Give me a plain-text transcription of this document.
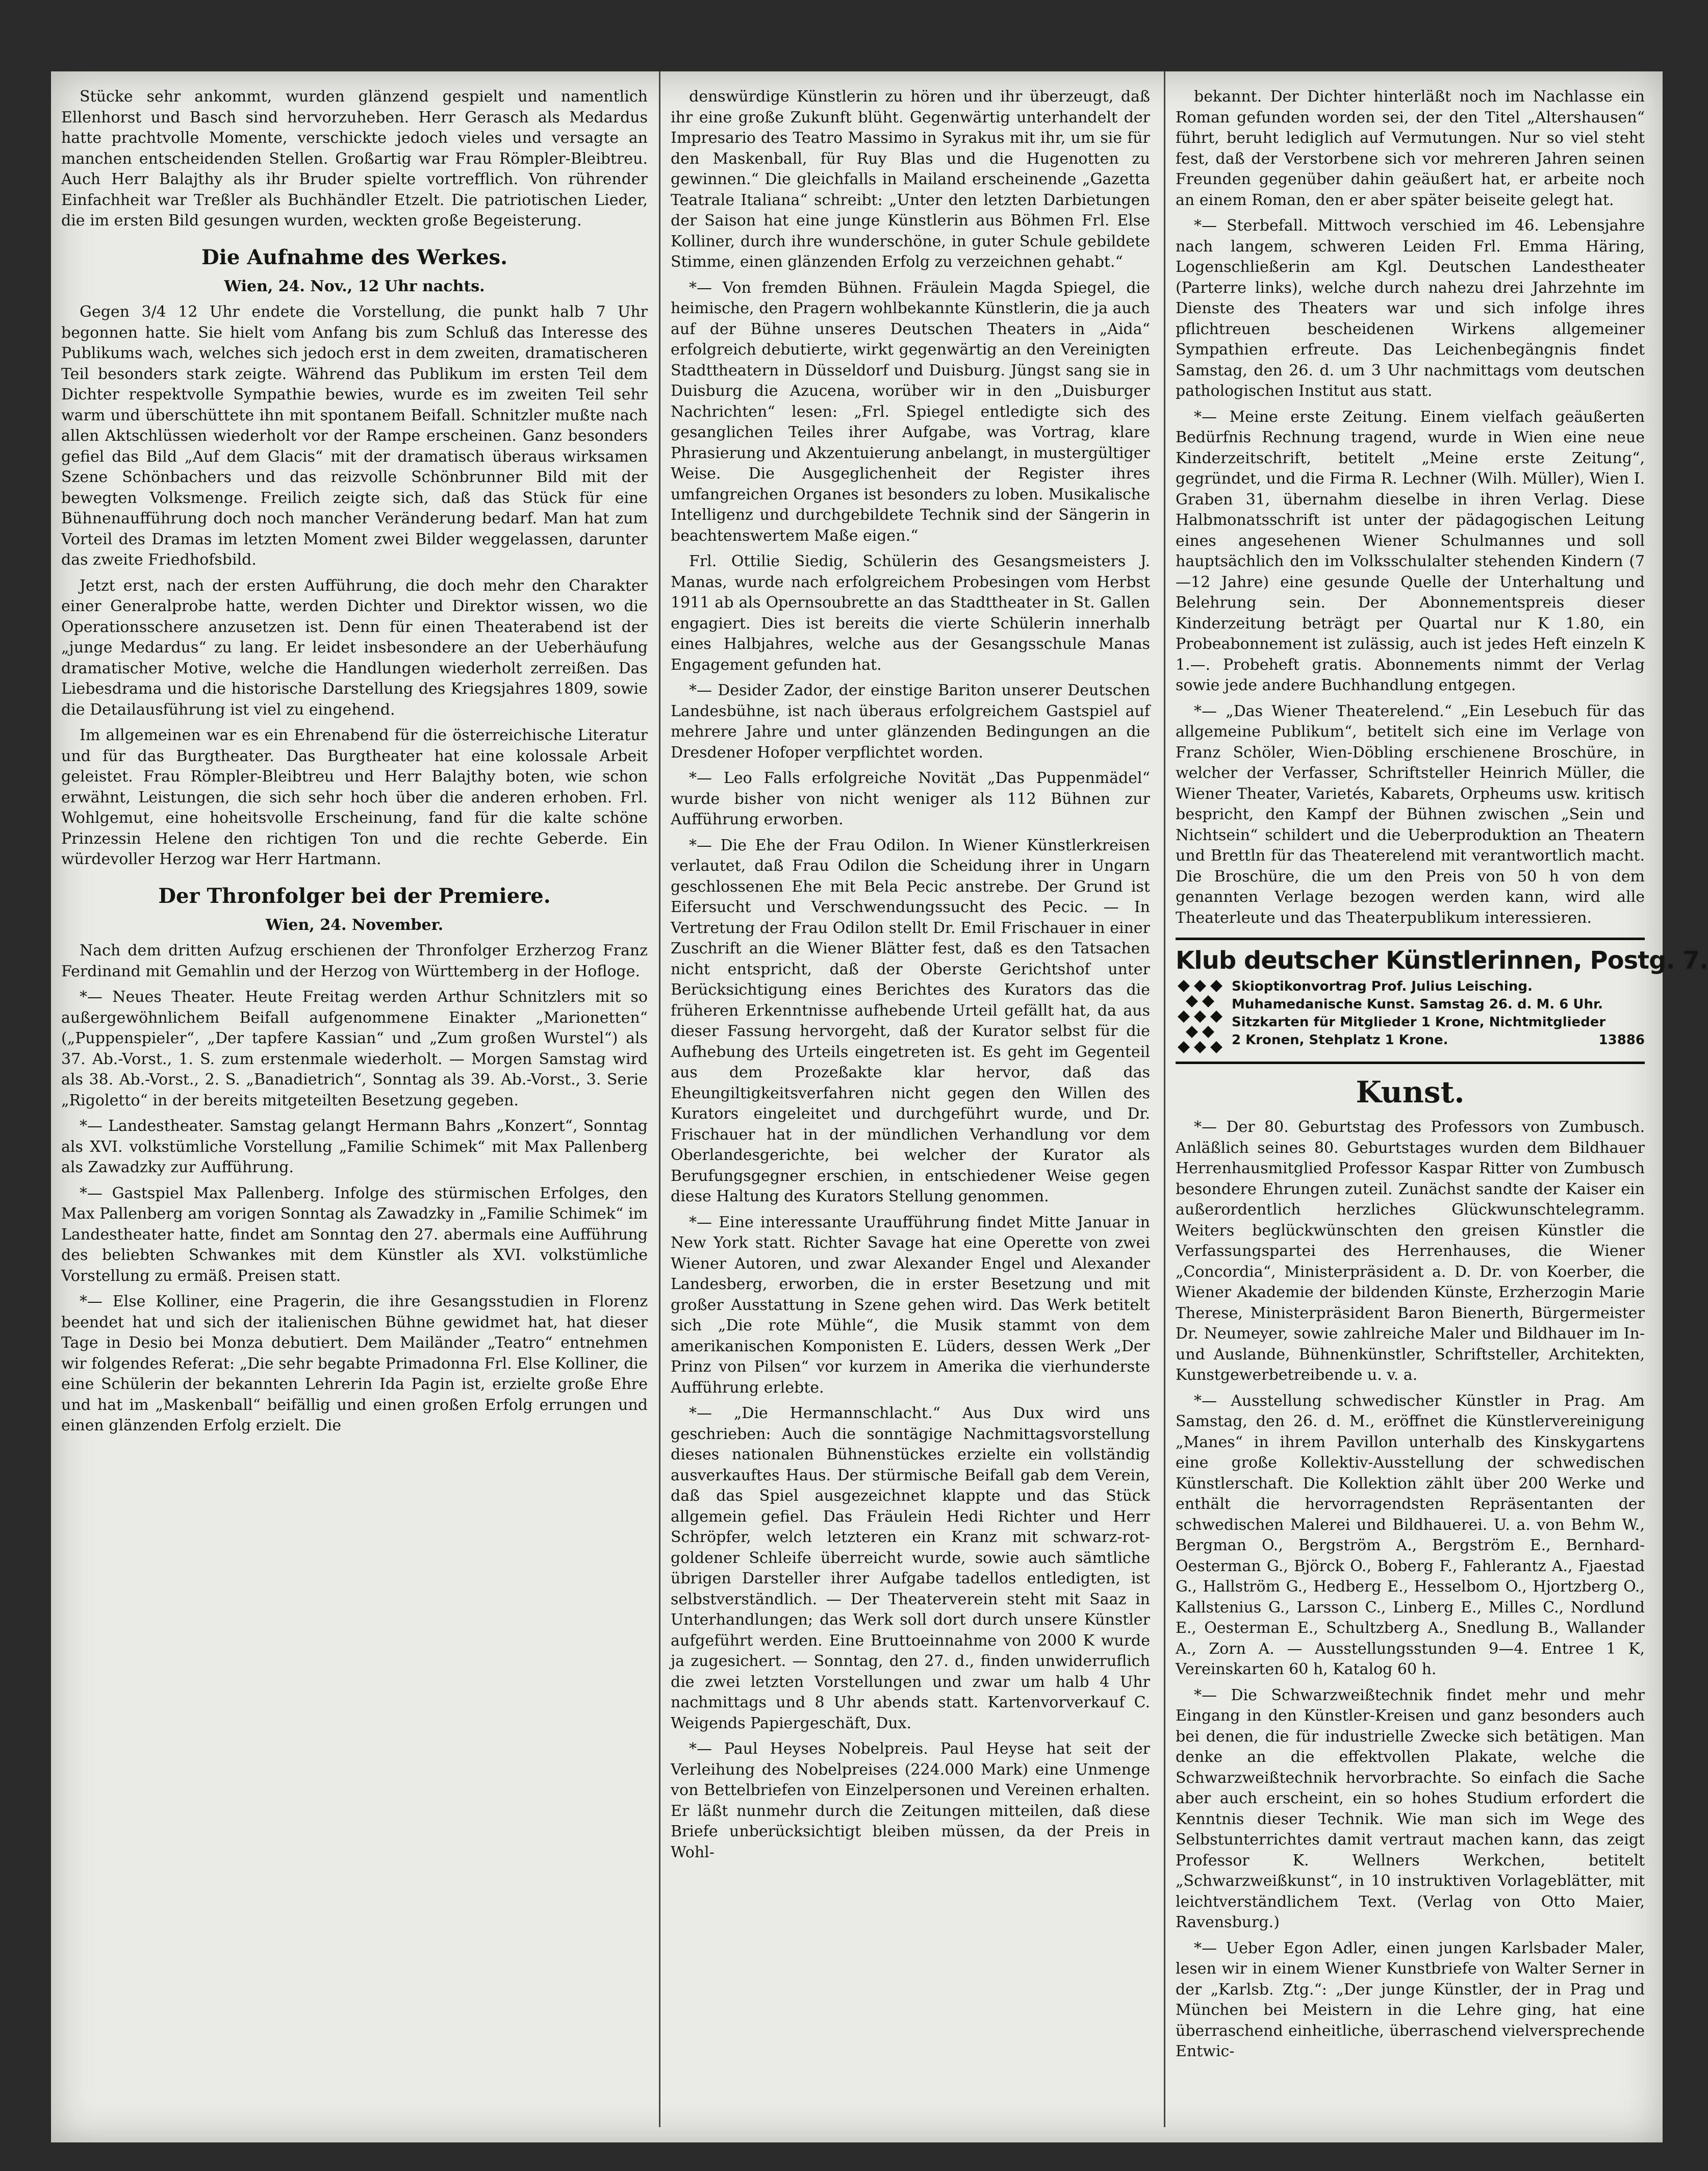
Stücke sehr ankommt, wurden glänzend gespielt und namentlich Ellenhorst und Basch sind hervorzuheben. Herr Gerasch als Medardus hatte prachtvolle Momente, verschickte jedoch vieles und versagte an manchen entscheidenden Stellen. Großartig war Frau Römpler-Bleibtreu. Auch Herr Balajthy als ihr Bruder spielte vortrefflich. Von rührender Einfachheit war Treßler als Buchhändler Etzelt. Die patriotischen Lieder, die im ersten Bild gesungen wurden, weckten große Begeisterung.

Die Aufnahme des Werkes.

Wien, 24. Nov., 12 Uhr nachts.

Gegen 3/4 12 Uhr endete die Vorstellung, die punkt halb 7 Uhr begonnen hatte. Sie hielt vom Anfang bis zum Schluß das Interesse des Publikums wach, welches sich jedoch erst in dem zweiten, dramatischeren Teil besonders stark zeigte. Während das Publikum im ersten Teil dem Dichter respektvolle Sympathie bewies, wurde es im zweiten Teil sehr warm und überschüttete ihn mit spontanem Beifall. Schnitzler mußte nach allen Aktschlüssen wiederholt vor der Rampe erscheinen. Ganz besonders gefiel das Bild „Auf dem Glacis“ mit der dramatisch überaus wirksamen Szene Schönbachers und das reizvolle Schönbrunner Bild mit der bewegten Volksmenge. Freilich zeigte sich, daß das Stück für eine Bühnenaufführung doch noch mancher Veränderung bedarf. Man hat zum Vorteil des Dramas im letzten Moment zwei Bilder weggelassen, darunter das zweite Friedhofsbild.

Jetzt erst, nach der ersten Aufführung, die doch mehr den Charakter einer Generalprobe hatte, werden Dichter und Direktor wissen, wo die Operationsschere anzusetzen ist. Denn für einen Theaterabend ist der „junge Medardus“ zu lang. Er leidet insbesondere an der Ueberhäufung dramatischer Motive, welche die Handlungen wiederholt zerreißen. Das Liebesdrama und die historische Darstellung des Kriegsjahres 1809, sowie die Detailausführung ist viel zu eingehend.

Im allgemeinen war es ein Ehrenabend für die österreichische Literatur und für das Burgtheater. Das Burgtheater hat eine kolossale Arbeit geleistet. Frau Römpler-Bleibtreu und Herr Balajthy boten, wie schon erwähnt, Leistungen, die sich sehr hoch über die anderen erhoben. Frl. Wohlgemut, eine hoheitsvolle Erscheinung, fand für die kalte schöne Prinzessin Helene den richtigen Ton und die rechte Geberde. Ein würdevoller Herzog war Herr Hartmann.

Der Thronfolger bei der Premiere.

Wien, 24. November.

Nach dem dritten Aufzug erschienen der Thronfolger Erzherzog Franz Ferdinand mit Gemahlin und der Herzog von Württemberg in der Hofloge.

*— Neues Theater. Heute Freitag werden Arthur Schnitzlers mit so außergewöhnlichem Beifall aufgenommene Einakter „Marionetten“ („Puppenspieler“, „Der tapfere Kassian“ und „Zum großen Wurstel“) als 37. Ab.-Vorst., 1. S. zum erstenmale wiederholt. — Morgen Samstag wird als 38. Ab.-Vorst., 2. S. „Banadietrich“, Sonntag als 39. Ab.-Vorst., 3. Serie „Rigoletto“ in der bereits mitgeteilten Besetzung gegeben.

*— Landestheater. Samstag gelangt Hermann Bahrs „Konzert“, Sonntag als XVI. volkstümliche Vorstellung „Familie Schimek“ mit Max Pallenberg als Zawadzky zur Aufführung.

*— Gastspiel Max Pallenberg. Infolge des stürmischen Erfolges, den Max Pallenberg am vorigen Sonntag als Zawadzky in „Familie Schimek“ im Landestheater hatte, findet am Sonntag den 27. abermals eine Aufführung des beliebten Schwankes mit dem Künstler als XVI. volkstümliche Vorstellung zu ermäß. Preisen statt.

*— Else Kolliner, eine Pragerin, die ihre Gesangsstudien in Florenz beendet hat und sich der italienischen Bühne gewidmet hat, hat dieser Tage in Desio bei Monza debutiert. Dem Mailänder „Teatro“ entnehmen wir folgendes Referat: „Die sehr begabte Primadonna Frl. Else Kolliner, die eine Schülerin der bekannten Lehrerin Ida Pagin ist, erzielte große Ehre und hat im „Maskenball“ beifällig und einen großen Erfolg errungen und einen glänzenden Erfolg erzielt. Die

denswürdige Künstlerin zu hören und ihr überzeugt, daß ihr eine große Zukunft blüht. Gegenwärtig unterhandelt der Impresario des Teatro Massimo in Syrakus mit ihr, um sie für den Maskenball, für Ruy Blas und die Hugenotten zu gewinnen.“ Die gleichfalls in Mailand erscheinende „Gazetta Teatrale Italiana“ schreibt: „Unter den letzten Darbietungen der Saison hat eine junge Künstlerin aus Böhmen Frl. Else Kolliner, durch ihre wunderschöne, in guter Schule gebildete Stimme, einen glänzenden Erfolg zu verzeichnen gehabt.“

*— Von fremden Bühnen. Fräulein Magda Spiegel, die heimische, den Pragern wohlbekannte Künstlerin, die ja auch auf der Bühne unseres Deutschen Theaters in „Aida“ erfolgreich debutierte, wirkt gegenwärtig an den Vereinigten Stadttheatern in Düsseldorf und Duisburg. Jüngst sang sie in Duisburg die Azucena, worüber wir in den „Duisburger Nachrichten“ lesen: „Frl. Spiegel entledigte sich des gesanglichen Teiles ihrer Aufgabe, was Vortrag, klare Phrasierung und Akzentuierung anbelangt, in mustergültiger Weise. Die Ausgeglichenheit der Register ihres umfangreichen Organes ist besonders zu loben. Musikalische Intelligenz und durchgebildete Technik sind der Sängerin in beachtenswertem Maße eigen.“

Frl. Ottilie Siedig, Schülerin des Gesangsmeisters J. Manas, wurde nach erfolgreichem Probesingen vom Herbst 1911 ab als Opernsoubrette an das Stadttheater in St. Gallen engagiert. Dies ist bereits die vierte Schülerin innerhalb eines Halbjahres, welche aus der Gesangsschule Manas Engagement gefunden hat.

*— Desider Zador, der einstige Bariton unserer Deutschen Landesbühne, ist nach überaus erfolgreichem Gastspiel auf mehrere Jahre und unter glänzenden Bedingungen an die Dresdener Hofoper verpflichtet worden.

*— Leo Falls erfolgreiche Novität „Das Puppenmädel“ wurde bisher von nicht weniger als 112 Bühnen zur Aufführung erworben.

*— Die Ehe der Frau Odilon. In Wiener Künstlerkreisen verlautet, daß Frau Odilon die Scheidung ihrer in Ungarn geschlossenen Ehe mit Bela Pecic anstrebe. Der Grund ist Eifersucht und Verschwendungssucht des Pecic. — In Vertretung der Frau Odilon stellt Dr. Emil Frischauer in einer Zuschrift an die Wiener Blätter fest, daß es den Tatsachen nicht entspricht, daß der Oberste Gerichtshof unter Berücksichtigung eines Berichtes des Kurators das die früheren Erkenntnisse aufhebende Urteil gefällt hat, da aus dieser Fassung hervorgeht, daß der Kurator selbst für die Aufhebung des Urteils eingetreten ist. Es geht im Gegenteil aus dem Prozeßakte klar hervor, daß das Eheungiltigkeitsverfahren nicht gegen den Willen des Kurators eingeleitet und durchgeführt wurde, und Dr. Frischauer hat in der mündlichen Verhandlung vor dem Oberlandesgerichte, bei welcher der Kurator als Berufungsgegner erschien, in entschiedener Weise gegen diese Haltung des Kurators Stellung genommen.

*— Eine interessante Uraufführung findet Mitte Januar in New York statt. Richter Savage hat eine Operette von zwei Wiener Autoren, und zwar Alexander Engel und Alexander Landesberg, erworben, die in erster Besetzung und mit großer Ausstattung in Szene gehen wird. Das Werk betitelt sich „Die rote Mühle“, die Musik stammt von dem amerikanischen Komponisten E. Lüders, dessen Werk „Der Prinz von Pilsen“ vor kurzem in Amerika die vierhunderste Aufführung erlebte.

*— „Die Hermannschlacht.“ Aus Dux wird uns geschrieben: Auch die sonntägige Nachmittagsvorstellung dieses nationalen Bühnenstückes erzielte ein vollständig ausverkauftes Haus. Der stürmische Beifall gab dem Verein, daß das Spiel ausgezeichnet klappte und das Stück allgemein gefiel. Das Fräulein Hedi Richter und Herr Schröpfer, welch letzteren ein Kranz mit schwarz-rot-goldener Schleife überreicht wurde, sowie auch sämtliche übrigen Darsteller ihrer Aufgabe tadellos entledigten, ist selbstverständlich. — Der Theaterverein steht mit Saaz in Unterhandlungen; das Werk soll dort durch unsere Künstler aufgeführt werden. Eine Bruttoeinnahme von 2000 K wurde ja zugesichert. — Sonntag, den 27. d., finden unwiderruflich die zwei letzten Vorstellungen und zwar um halb 4 Uhr nachmittags und 8 Uhr abends statt. Kartenvorverkauf C. Weigends Papiergeschäft, Dux.

*— Paul Heyses Nobelpreis. Paul Heyse hat seit der Verleihung des Nobelpreises (224.000 Mark) eine Unmenge von Bettelbriefen von Einzelpersonen und Vereinen erhalten. Er läßt nunmehr durch die Zeitungen mitteilen, daß diese Briefe unberücksichtigt bleiben müssen, da der Preis in Wohl-

bekannt. Der Dichter hinterläßt noch im Nachlasse ein Roman gefunden worden sei, der den Titel „Altershausen“ führt, beruht lediglich auf Vermutungen. Nur so viel steht fest, daß der Verstorbene sich vor mehreren Jahren seinen Freunden gegenüber dahin geäußert hat, er arbeite noch an einem Roman, den er aber später beiseite gelegt hat.

*— Sterbefall. Mittwoch verschied im 46. Lebensjahre nach langem, schweren Leiden Frl. Emma Häring, Logenschließerin am Kgl. Deutschen Landestheater (Parterre links), welche durch nahezu drei Jahrzehnte im Dienste des Theaters war und sich infolge ihres pflichtreuen bescheidenen Wirkens allgemeiner Sympathien erfreute. Das Leichenbegängnis findet Samstag, den 26. d. um 3 Uhr nachmittags vom deutschen pathologischen Institut aus statt.

*— Meine erste Zeitung. Einem vielfach geäußerten Bedürfnis Rechnung tragend, wurde in Wien eine neue Kinderzeitschrift, betitelt „Meine erste Zeitung“, gegründet, und die Firma R. Lechner (Wilh. Müller), Wien I. Graben 31, übernahm dieselbe in ihren Verlag. Diese Halbmonatsschrift ist unter der pädagogischen Leitung eines angesehenen Wiener Schulmannes und soll hauptsächlich den im Volksschulalter stehenden Kindern (7—12 Jahre) eine gesunde Quelle der Unterhaltung und Belehrung sein. Der Abonnementspreis dieser Kinderzeitung beträgt per Quartal nur K 1.80, ein Probeabonnement ist zulässig, auch ist jedes Heft einzeln K 1.—. Probeheft gratis. Abonnements nimmt der Verlag sowie jede andere Buchhandlung entgegen.

*— „Das Wiener Theaterelend.“ „Ein Lesebuch für das allgemeine Publikum“, betitelt sich eine im Verlage von Franz Schöler, Wien-Döbling erschienene Broschüre, in welcher der Verfasser, Schriftsteller Heinrich Müller, die Wiener Theater, Varietés, Kabarets, Orpheums usw. kritisch bespricht, den Kampf der Bühnen zwischen „Sein und Nichtsein“ schildert und die Ueberproduktion an Theatern und Brettln für das Theaterelend mit verantwortlich macht. Die Broschüre, die um den Preis von 50 h von dem genannten Verlage bezogen werden kann, wird alle Theaterleute und das Theaterpublikum interessieren.

Klub deutscher Künstlerinnen, Postg. 7.
Skioptikonvortrag Prof. Julius Leisching.
Muhamedanische Kunst. Samstag 26. d. M. 6 Uhr.
Sitzkarten für Mitglieder 1 Krone, Nichtmitglieder
2 Kronen, Stehplatz 1 Krone.	13886
Kunst.

*— Der 80. Geburtstag des Professors von Zumbusch. Anläßlich seines 80. Geburtstages wurden dem Bildhauer Herrenhausmitglied Professor Kaspar Ritter von Zumbusch besondere Ehrungen zuteil. Zunächst sandte der Kaiser ein außerordentlich herzliches Glückwunschtelegramm. Weiters beglückwünschten den greisen Künstler die Verfassungspartei des Herrenhauses, die Wiener „Concordia“, Ministerpräsident a. D. Dr. von Koerber, die Wiener Akademie der bildenden Künste, Erzherzogin Marie Therese, Ministerpräsident Baron Bienerth, Bürgermeister Dr. Neumeyer, sowie zahlreiche Maler und Bildhauer im In- und Auslande, Bühnenkünstler, Schriftsteller, Architekten, Kunstgewerbetreibende u. v. a.

*— Ausstellung schwedischer Künstler in Prag. Am Samstag, den 26. d. M., eröffnet die Künstlervereinigung „Manes“ in ihrem Pavillon unterhalb des Kinskygartens eine große Kollektiv-Ausstellung der schwedischen Künstlerschaft. Die Kollektion zählt über 200 Werke und enthält die hervorragendsten Repräsentanten der schwedischen Malerei und Bildhauerei. U. a. von Behm W., Bergman O., Bergström A., Bergström E., Bernhard-Oesterman G., Björck O., Boberg F., Fahlerantz A., Fjaestad G., Hallström G., Hedberg E., Hesselbom O., Hjortzberg O., Kallstenius G., Larsson C., Linberg E., Milles C., Nordlund E., Oesterman E., Schultzberg A., Snedlung B., Wallander A., Zorn A. — Ausstellungsstunden 9—4. Entree 1 K, Vereinskarten 60 h, Katalog 60 h.

*— Die Schwarzweißtechnik findet mehr und mehr Eingang in den Künstler-Kreisen und ganz besonders auch bei denen, die für industrielle Zwecke sich betätigen. Man denke an die effektvollen Plakate, welche die Schwarzweißtechnik hervorbrachte. So einfach die Sache aber auch erscheint, ein so hohes Studium erfordert die Kenntnis dieser Technik. Wie man sich im Wege des Selbstunterrichtes damit vertraut machen kann, das zeigt Professor K. Wellners Werkchen, betitelt „Schwarzweißkunst“, in 10 instruktiven Vorlageblätter, mit leichtverständlichem Text. (Verlag von Otto Maier, Ravensburg.)

*— Ueber Egon Adler, einen jungen Karlsbader Maler, lesen wir in einem Wiener Kunstbriefe von Walter Serner in der „Karlsb. Ztg.“: „Der junge Künstler, der in Prag und München bei Meistern in die Lehre ging, hat eine überraschend einheitliche, überraschend vielversprechende Entwic-
